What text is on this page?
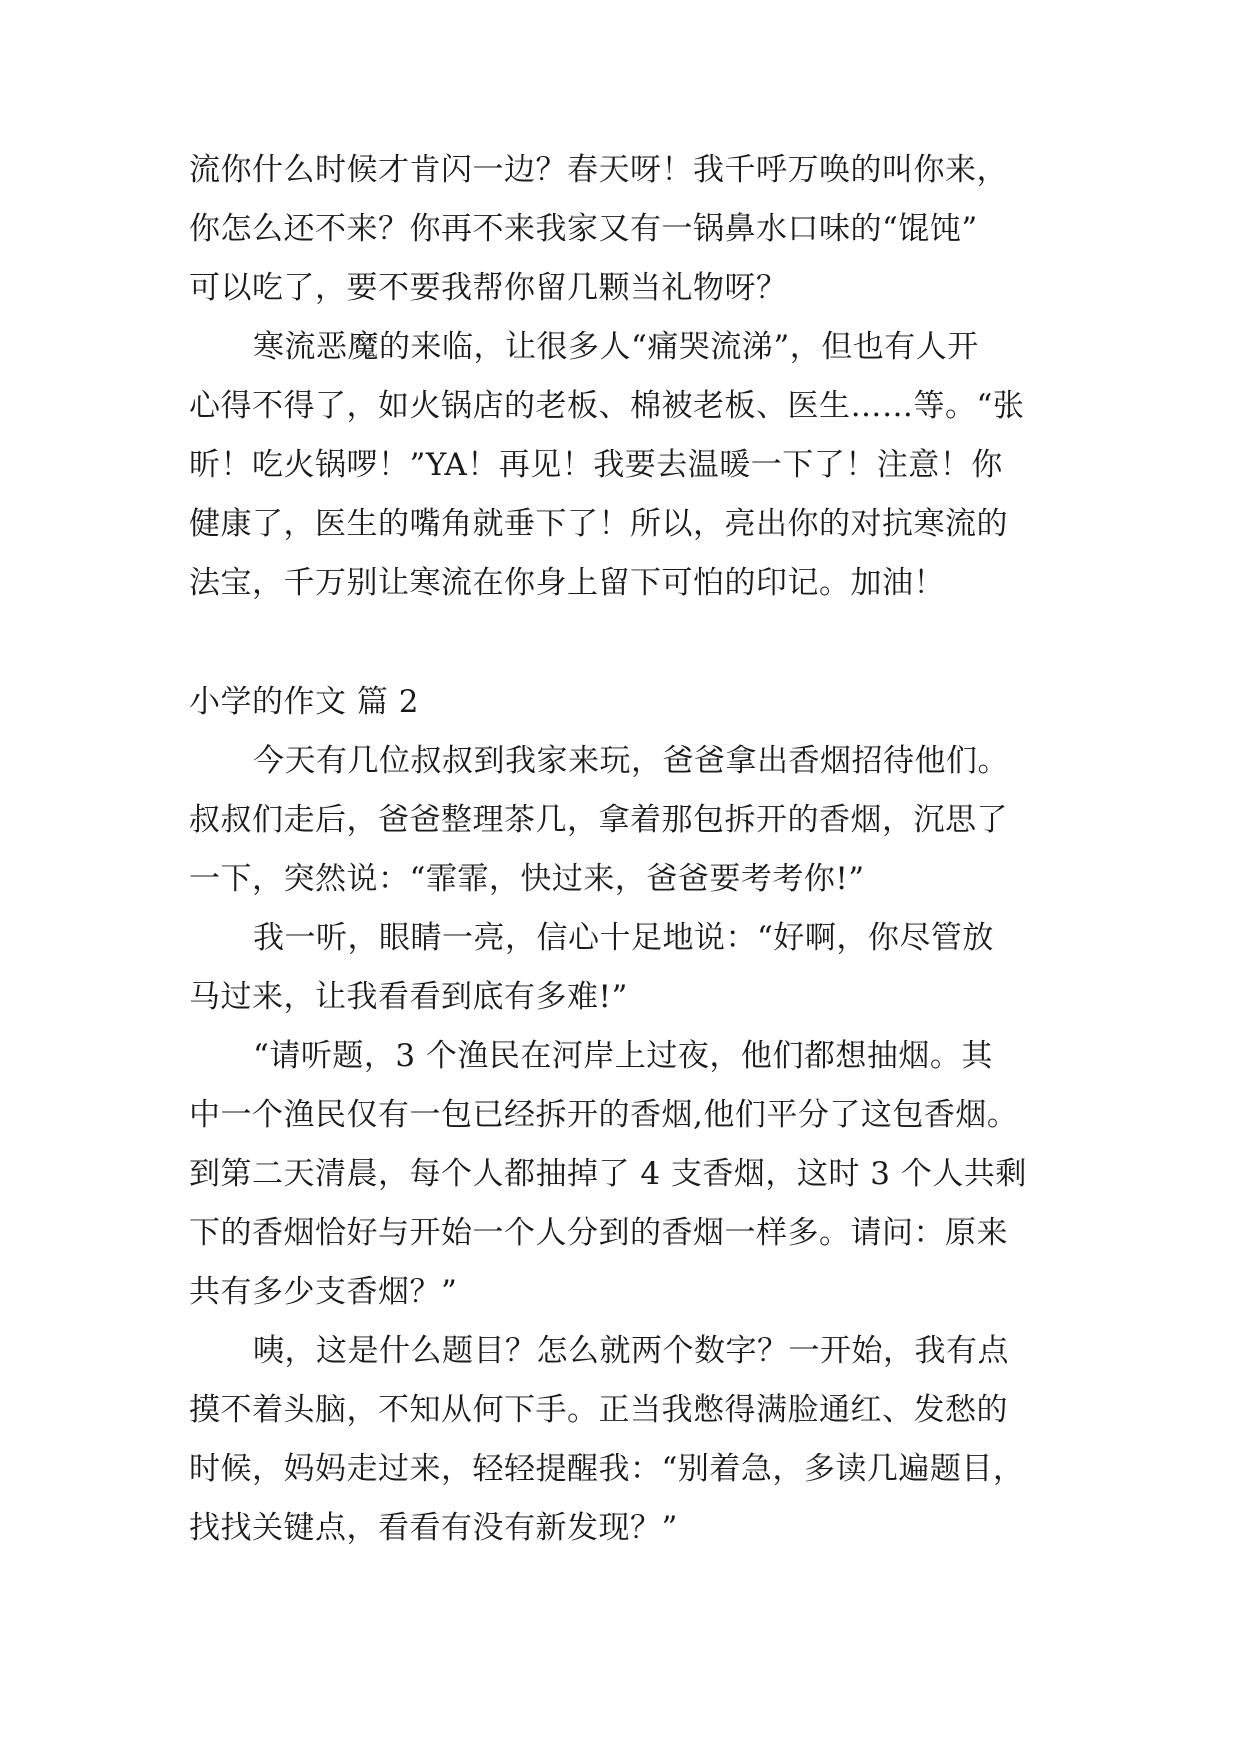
流你什么时候才肯闪一边？春天呀！我千呼万唤的叫你来，
你怎么还不来？你再不来我家又有一锅鼻水口味的“馄饨”
可以吃了，要不要我帮你留几颗当礼物呀？
寒流恶魔的来临，让很多人“痛哭流涕”，但也有人开
心得不得了，如火锅店的老板、棉被老板、医生……等。“张
昕！吃火锅啰！”YA！再见！我要去温暖一下了！注意！你
健康了，医生的嘴角就垂下了！所以，亮出你的对抗寒流的
法宝，千万别让寒流在你身上留下可怕的印记。加油！
小学的作文 篇 2
今天有几位叔叔到我家来玩，爸爸拿出香烟招待他们。
叔叔们走后，爸爸整理茶几，拿着那包拆开的香烟，沉思了
一下，突然说：“霏霏，快过来，爸爸要考考你!”
我一听，眼睛一亮，信心十足地说：“好啊，你尽管放
马过来，让我看看到底有多难!”
“请听题，3 个渔民在河岸上过夜，他们都想抽烟。其
中一个渔民仅有一包已经拆开的香烟,他们平分了这包香烟。
到第二天清晨，每个人都抽掉了 4 支香烟，这时 3 个人共剩
下的香烟恰好与开始一个人分到的香烟一样多。请问：原来
共有多少支香烟？”
咦，这是什么题目？怎么就两个数字？一开始，我有点
摸不着头脑，不知从何下手。正当我憋得满脸通红、发愁的
时候，妈妈走过来，轻轻提醒我：“别着急，多读几遍题目，
找找关键点，看看有没有新发现？”
